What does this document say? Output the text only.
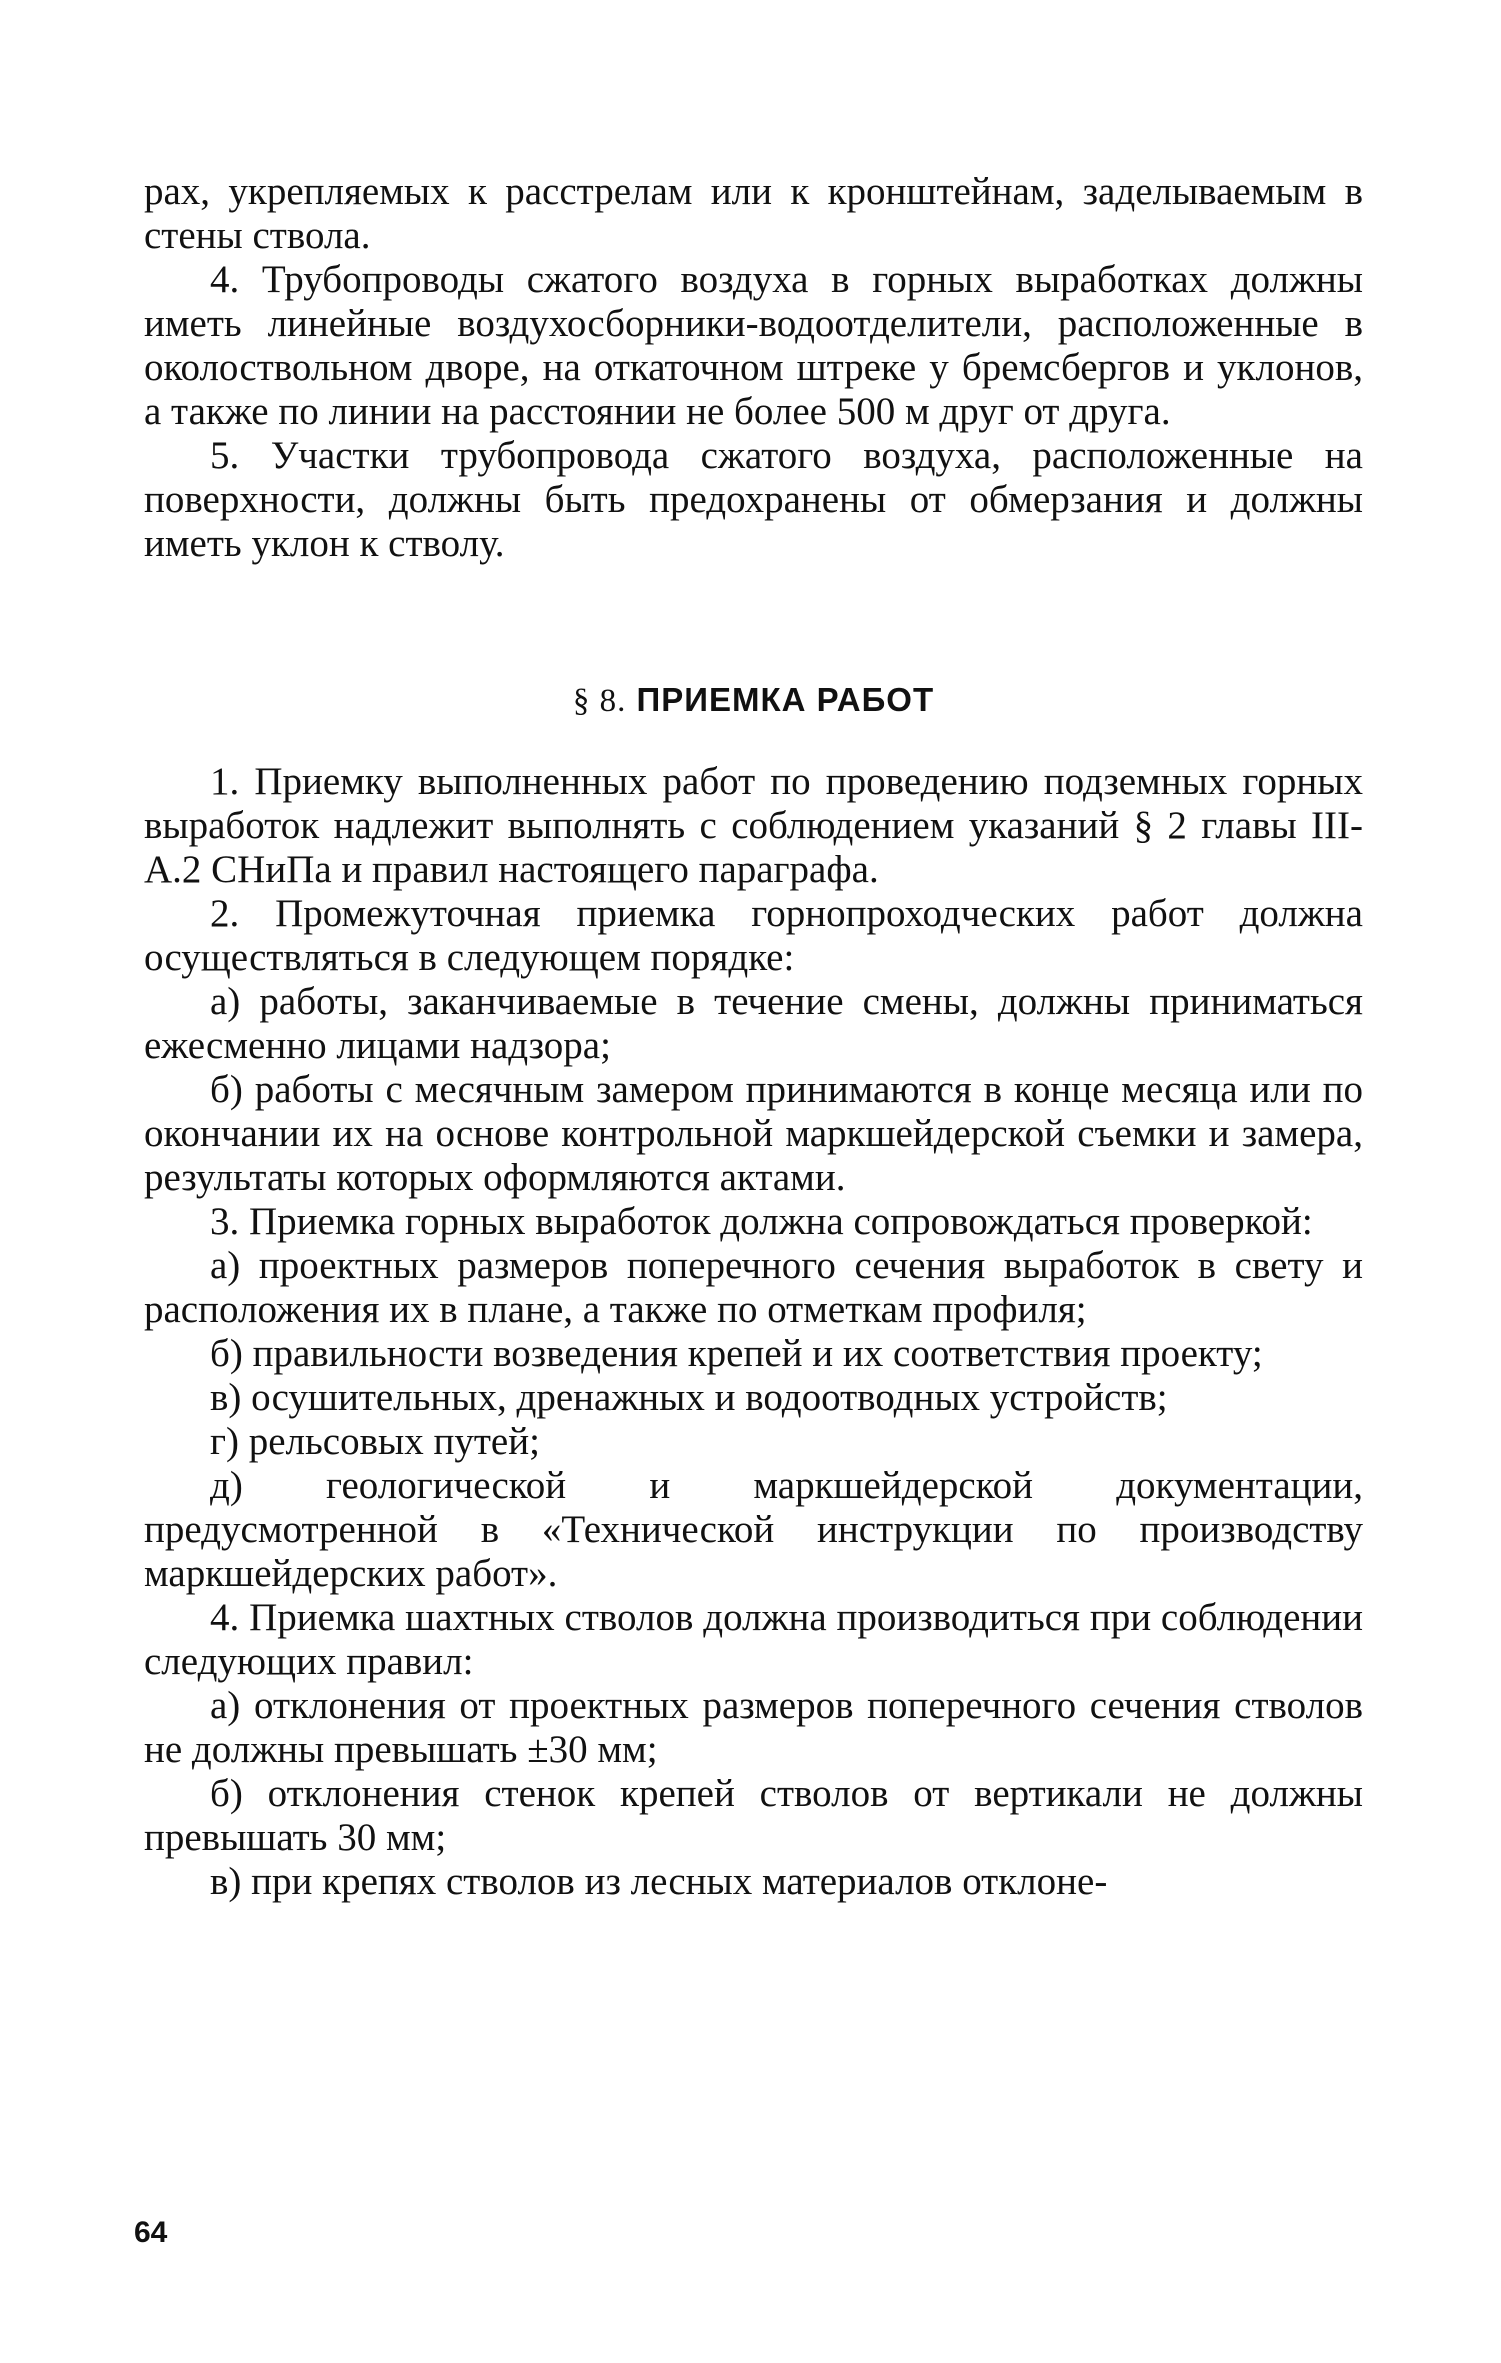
рах, укрепляемых к расстрелам или к кронштейнам, заделываемым в стены ствола.

4. Трубопроводы сжатого воздуха в горных выработках должны иметь линейные воздухосборники-водоотделители, расположенные в околоствольном дворе, на откаточном штреке у бремсбергов и уклонов, а также по линии на расстоянии не более 500 м друг от друга.

5. Участки трубопровода сжатого воздуха, расположенные на поверхности, должны быть предохранены от обмерзания и должны иметь уклон к стволу.

§ 8. ПРИЕМКА РАБОТ

1. Приемку выполненных работ по проведению подземных горных выработок надлежит выполнять с соблюдением указаний § 2 главы III-А.2 СНиПа и правил настоящего параграфа.

2. Промежуточная приемка горнопроходческих работ должна осуществляться в следующем порядке:

а) работы, заканчиваемые в течение смены, должны приниматься ежесменно лицами надзора;

б) работы с месячным замером принимаются в конце месяца или по окончании их на основе контрольной маркшейдерской съемки и замера, результаты которых оформляются актами.

3. Приемка горных выработок должна сопровождаться проверкой:

а) проектных размеров поперечного сечения выработок в свету и расположения их в плане, а также по отметкам профиля;

б) правильности возведения крепей и их соответствия проекту;

в) осушительных, дренажных и водоотводных устройств;

г) рельсовых путей;

д) геологической и маркшейдерской документации, предусмотренной в «Технической инструкции по производству маркшейдерских работ».

4. Приемка шахтных стволов должна производиться при соблюдении следующих правил:

а) отклонения от проектных размеров поперечного сечения стволов не должны превышать ±30 мм;

б) отклонения стенок крепей стволов от вертикали не должны превышать 30 мм;

в) при крепях стволов из лесных материалов отклоне-

64
